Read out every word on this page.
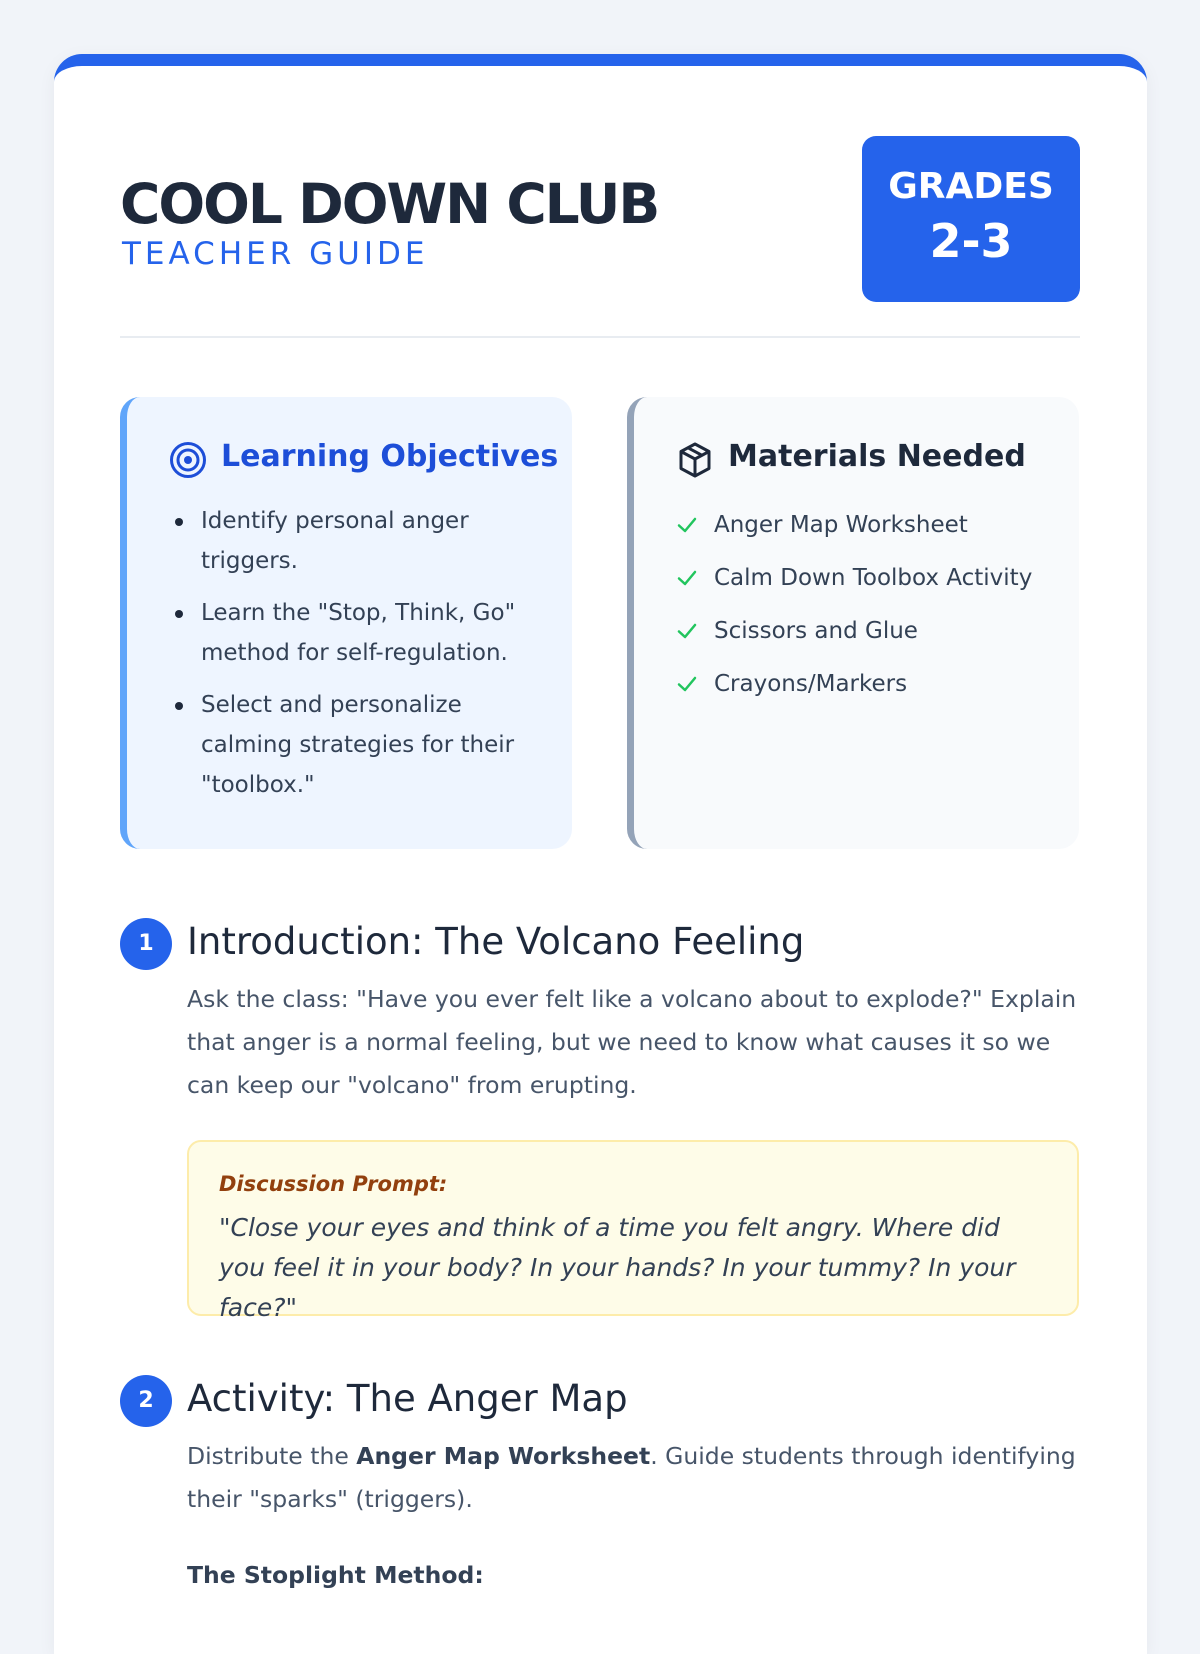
COOL DOWN CLUB
TEACHER GUIDE
GRADES
2-3
Learning Objectives
Identify personal anger triggers.
Learn the "Stop, Think, Go" method for self-regulation.
Select and personalize calming strategies for their "toolbox."
Materials Needed
Anger Map Worksheet
Calm Down Toolbox Activity
Scissors and Glue
Crayons/Markers
1 Introduction: The Volcano Feeling
Ask the class: "Have you ever felt like a volcano about to explode?" Explain that anger is a normal feeling, but we need to know what causes it so we can keep our "volcano" from erupting.
Discussion Prompt:
"Close your eyes and think of a time you felt angry. Where did you feel it in your body? In your hands? In your tummy? In your face?"
2 Activity: The Anger Map
Distribute the Anger Map Worksheet. Guide students through identifying their "sparks" (triggers).
The Stoplight Method:
